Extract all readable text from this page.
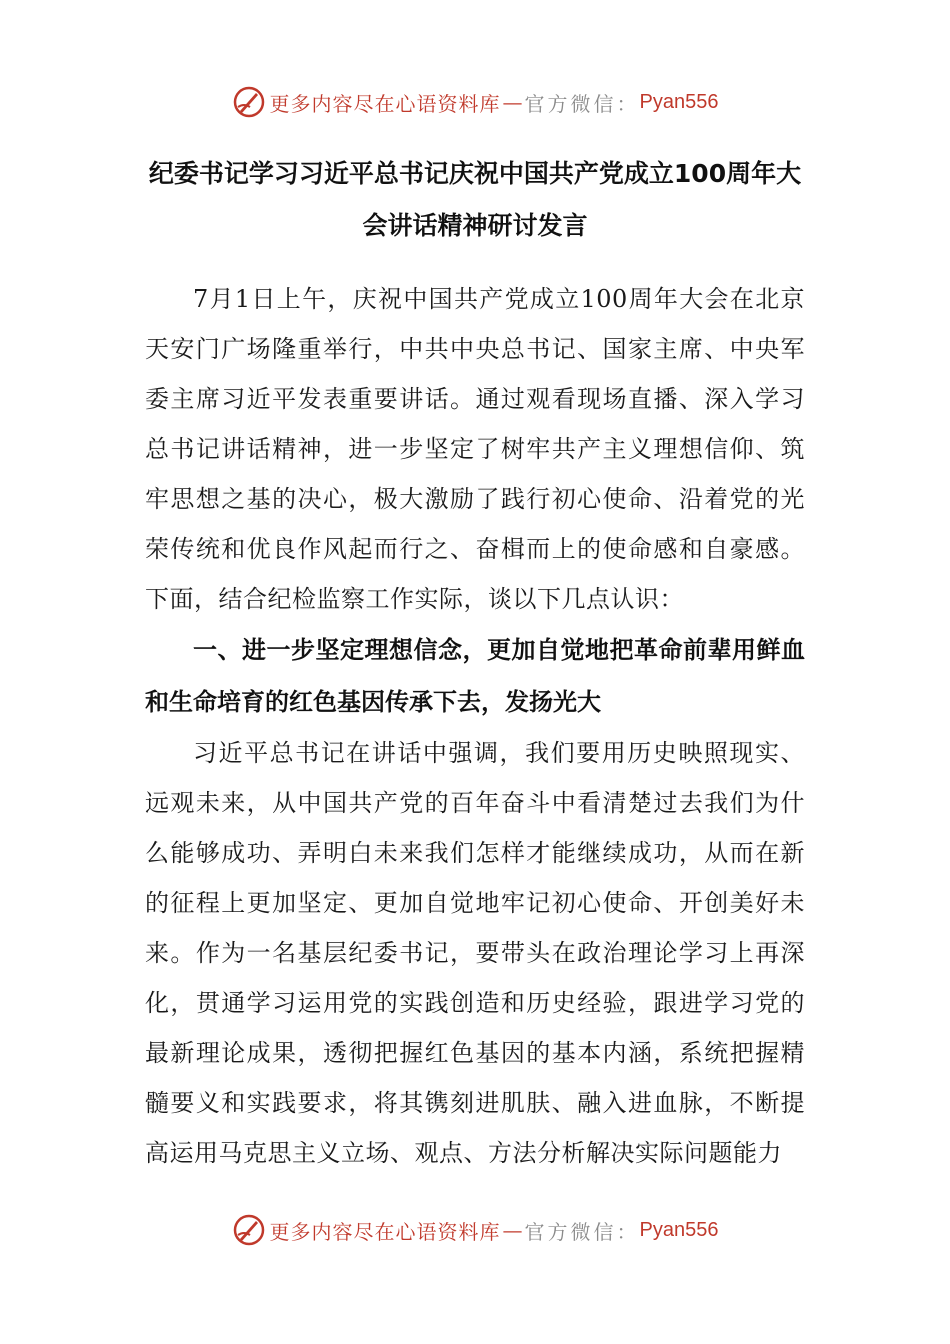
更多内容尽在心语资料库 — 官方微信： Pyan556
纪委书记学习习近平总书记庆祝中国共产党成立100周年大会讲话精神研讨发言

7月1日上午，庆祝中国共产党成立100周年大会在北京天安门广场隆重举行，中共中央总书记、国家主席、中央军委主席习近平发表重要讲话。通过观看现场直播、深入学习总书记讲话精神，进一步坚定了树牢共产主义理想信仰、筑牢思想之基的决心，极大激励了践行初心使命、沿着党的光荣传统和优良作风起而行之、奋楫而上的使命感和自豪感。下面，结合纪检监察工作实际，谈以下几点认识：

一、进一步坚定理想信念，更加自觉地把革命前辈用鲜血和生命培育的红色基因传承下去，发扬光大

习近平总书记在讲话中强调，我们要用历史映照现实、远观未来，从中国共产党的百年奋斗中看清楚过去我们为什么能够成功、弄明白未来我们怎样才能继续成功，从而在新的征程上更加坚定、更加自觉地牢记初心使命、开创美好未来。作为一名基层纪委书记，要带头在政治理论学习上再深化，贯通学习运用党的实践创造和历史经验，跟进学习党的最新理论成果，透彻把握红色基因的基本内涵，系统把握精髓要义和实践要求，将其镌刻进肌肤、融入进血脉，不断提高运用马克思主义立场、观点、方法分析解决实际问题能力

更多内容尽在心语资料库 — 官方微信： Pyan556
